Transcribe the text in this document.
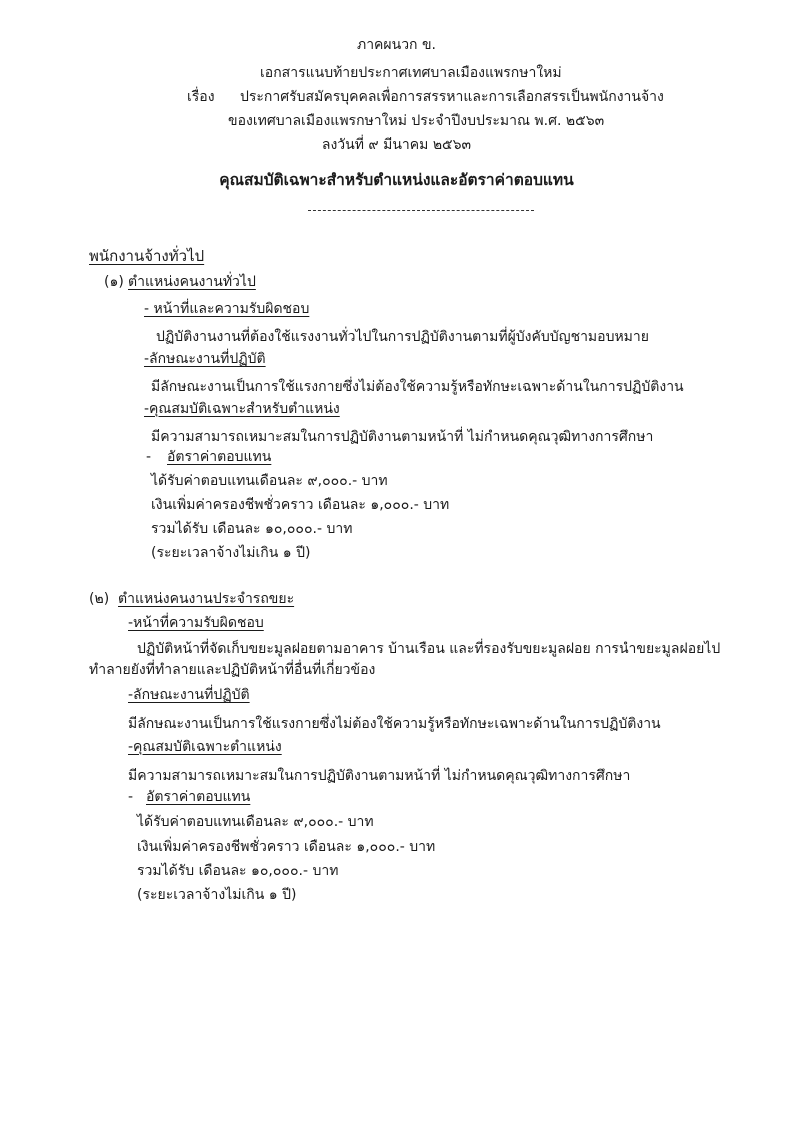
ภาคผนวก ข.
เอกสารแนบท้ายประกาศเทศบาลเมืองแพรกษาใหม่
เรื่อง ประกาศรับสมัครบุคคลเพื่อการสรรหาและการเลือกสรรเป็นพนักงานจ้าง
ของเทศบาลเมืองแพรกษาใหม่ ประจำปีงบประมาณ พ.ศ. ๒๕๖๓
ลงวันที่ ๙ มีนาคม ๒๕๖๓
คุณสมบัติเฉพาะสำหรับตำแหน่งและอัตราค่าตอบแทน
พนักงานจ้างทั่วไป
(๑) ตำแหน่งคนงานทั่วไป
- หน้าที่และความรับผิดชอบ
ปฏิบัติงานงานที่ต้องใช้แรงงานทั่วไปในการปฏิบัติงานตามที่ผู้บังคับบัญชามอบหมาย
-ลักษณะงานที่ปฏิบัติ
มีลักษณะงานเป็นการใช้แรงกายซึ่งไม่ต้องใช้ความรู้หรือทักษะเฉพาะด้านในการปฏิบัติงาน
-คุณสมบัติเฉพาะสำหรับตำแหน่ง
มีความสามารถเหมาะสมในการปฏิบัติงานตามหน้าที่ ไม่กำหนดคุณวุฒิทางการศึกษา
- อัตราค่าตอบแทน
ได้รับค่าตอบแทนเดือนละ ๙,๐๐๐.- บาท
เงินเพิ่มค่าครองชีพชั่วคราว เดือนละ ๑,๐๐๐.- บาท
รวมได้รับ เดือนละ ๑๐,๐๐๐.- บาท
(ระยะเวลาจ้างไม่เกิน ๑ ปี)
(๒) ตำแหน่งคนงานประจำรถขยะ
-หน้าที่ความรับผิดชอบ
ปฏิบัติหน้าที่จัดเก็บขยะมูลฝอยตามอาคาร บ้านเรือน และที่รองรับขยะมูลฝอย การนำขยะมูลฝอยไป
ทำลายยังที่ทำลายและปฏิบัติหน้าที่อื่นที่เกี่ยวข้อง
-ลักษณะงานที่ปฏิบัติ
มีลักษณะงานเป็นการใช้แรงกายซึ่งไม่ต้องใช้ความรู้หรือทักษะเฉพาะด้านในการปฏิบัติงาน
-คุณสมบัติเฉพาะตำแหน่ง
มีความสามารถเหมาะสมในการปฏิบัติงานตามหน้าที่ ไม่กำหนดคุณวุฒิทางการศึกษา
- อัตราค่าตอบแทน
ได้รับค่าตอบแทนเดือนละ ๙,๐๐๐.- บาท
เงินเพิ่มค่าครองชีพชั่วคราว เดือนละ ๑,๐๐๐.- บาท
รวมได้รับ เดือนละ ๑๐,๐๐๐.- บาท
(ระยะเวลาจ้างไม่เกิน ๑ ปี)
